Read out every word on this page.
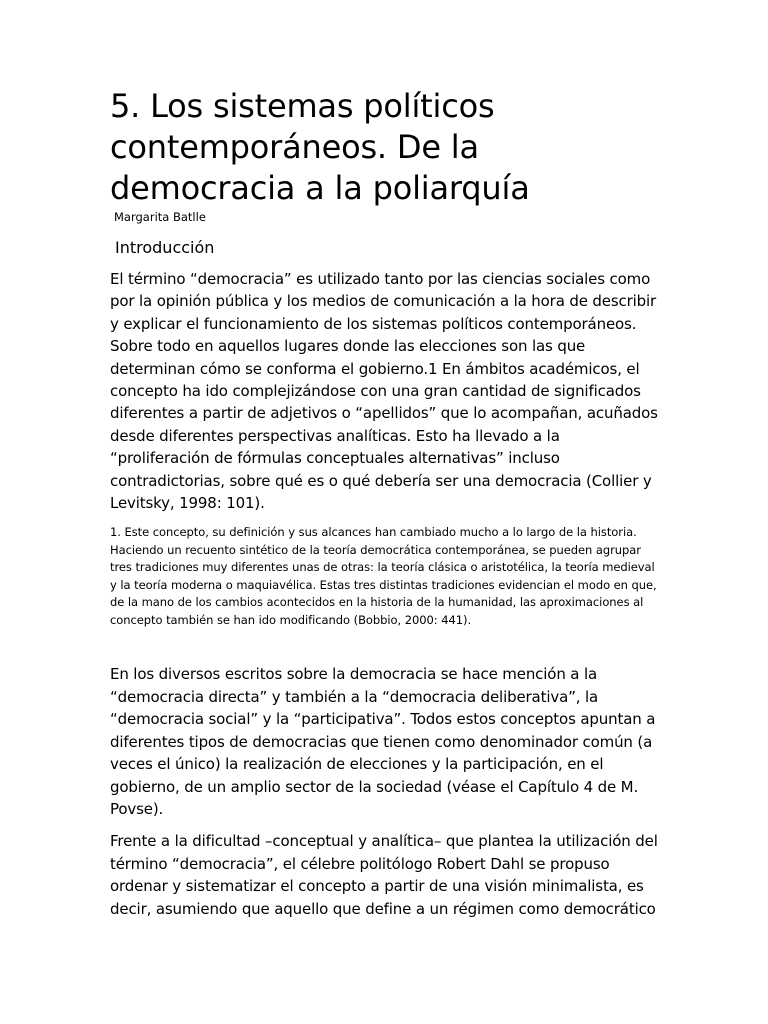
5. Los sistemas políticos contemporáneos. De la democracia a la poliarquía
Margarita Batlle
Introducción

El término “democracia” es utilizado tanto por las ciencias sociales como por la opinión pública y los medios de comunicación a la hora de describir y explicar el funcionamiento de los sistemas políticos contemporáneos. Sobre todo en aquellos lugares donde las elecciones son las que determinan cómo se conforma el gobierno.1 En ámbitos académicos, el concepto ha ido complejizándose con una gran cantidad de significados diferentes a partir de adjetivos o “apellidos” que lo acompañan, acuñados desde diferentes perspectivas analíticas. Esto ha llevado a la “proliferación de fórmulas conceptuales alternativas” incluso contradictorias, sobre qué es o qué debería ser una democracia (Collier y Levitsky, 1998: 101).

1. Este concepto, su definición y sus alcances han cambiado mucho a lo largo de la historia. Haciendo un recuento sintético de la teoría democrática contemporánea, se pueden agrupar tres tradiciones muy diferentes unas de otras: la teoría clásica o aristotélica, la teoría medieval y la teoría moderna o maquiavélica. Estas tres distintas tradiciones evidencian el modo en que, de la mano de los cambios acontecidos en la historia de la humanidad, las aproximaciones al concepto también se han ido modificando (Bobbio, 2000: 441).

En los diversos escritos sobre la democracia se hace mención a la “democracia directa” y también a la “democracia deliberativa”, la “democracia social” y la “participativa”. Todos estos conceptos apuntan a diferentes tipos de democracias que tienen como denominador común (a veces el único) la realización de elecciones y la participación, en el gobierno, de un amplio sector de la sociedad (véase el Capítulo 4 de M. Povse).

Frente a la dificultad –conceptual y analítica– que plantea la utilización del término “democracia”, el célebre politólogo Robert Dahl se propuso ordenar y sistematizar el concepto a partir de una visión minimalista, es decir, asumiendo que aquello que define a un régimen como democrático
